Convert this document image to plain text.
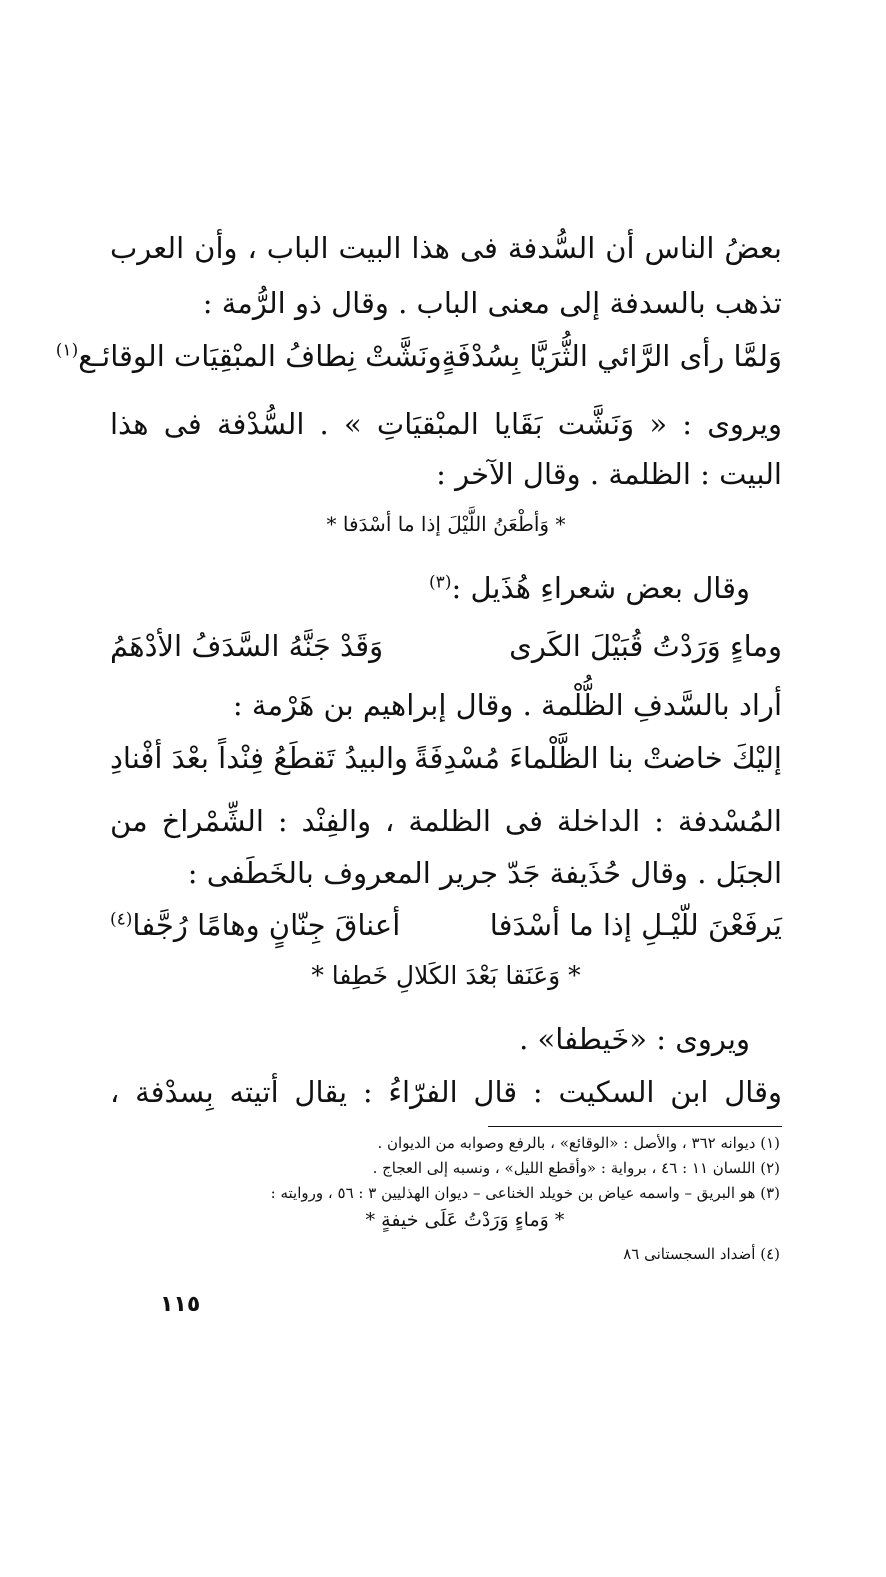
بعضُ الناس أن السُّدفة فى هذا البيت الباب ، وأن العرب
تذهب بالسدفة إلى معنى الباب . وقال ذو الرُّمة :
وَلمَّا رأى الرَّائي الثُّرَيَّا بِسُدْفَةٍ
ونَشَّتْ نِطافُ المبْقِيَات الوقائـع$^{(١)}$
ويروى : « وَنَشَّت بَقَايا المبْقيَاتِ » . السُّدْفة فى هذا
البيت : الظلمة . وقال الآخر :
* وَأطْعَنُ اللَّيْلَ إذا ما أسْدَفا *
وقال بعض شعراءِ هُذَيل :$^{(٣)}$
وماءٍ وَرَدْتُ قُبَيْلَ الكَرى
وَقَدْ جَنَّهُ السَّدَفُ الأدْهَمُ
أراد بالسَّدفِ الظُّلْمة . وقال إبراهيم بن هَرْمة :
إليْكَ خاضتْ بنا الظَّلْماءَ مُسْدِفَةً
والبيدُ تَقطَعُ فِنْداً بعْدَ أفْنادِ
المُسْدفة : الداخلة فى الظلمة ، والفِنْد : الشِّمْراخ من
الجبَل . وقال حُذَيفة جَدّ جرير المعروف بالخَطَفى :
يَرفَعْنَ للّيْـلِ إذا ما أسْدَفا
أعناقَ جِنّانٍ وهامًا رُجَّفا$^{(٤)}$
* وَعَنَقا بَعْدَ الكَلالِ خَطِفا *
ويروى : «خَيطفا» .
وقال ابن السكيت : قال الفرّاءُ : يقال أتيته بِسدْفة ،
(١) ديوانه ٣٦٢ ، والأصل : «الوقائع» ، بالرفع وصوابه من الديوان .
(٢) اللسان ١١ : ٤٦ ، برواية : «وأقطع الليل» ، ونسبه إلى العجاج .
(٣) هو البريق – واسمه عياض بن خويلد الخناعى – ديوان الهذليين ٣ : ٥٦ ، وروايته :
* وَماءٍ وَرَدْتُ عَلَى خيفةٍ *
(٤) أضداد السجستانى ٨٦
١١٥
